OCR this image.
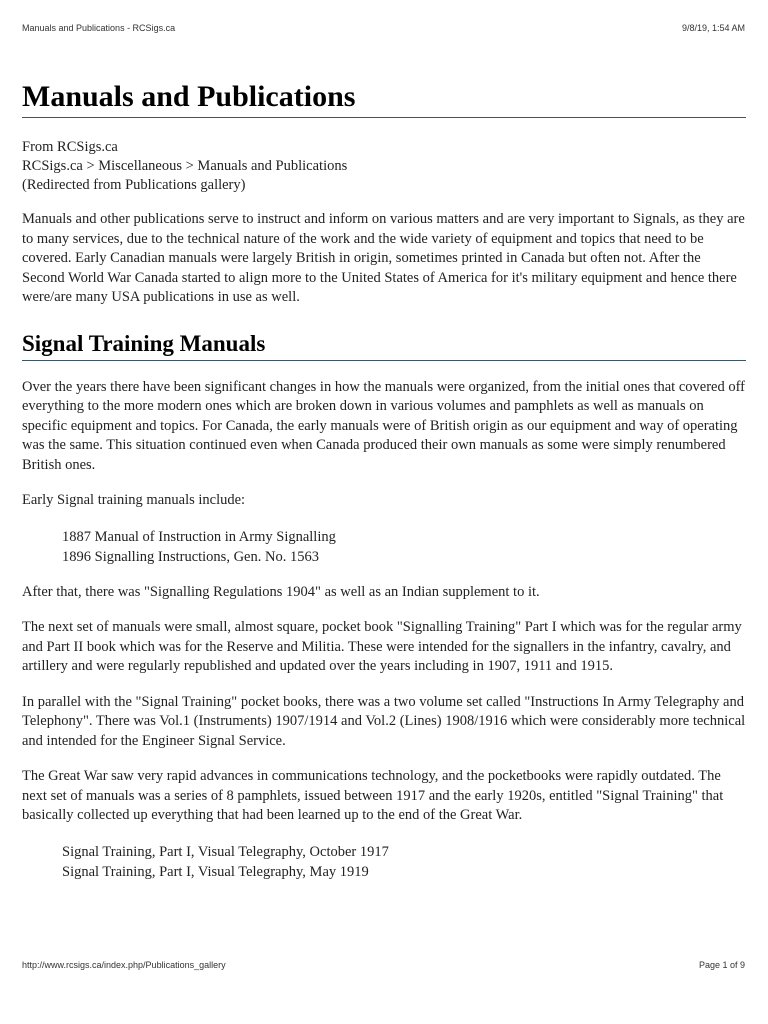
Manuals and Publications - RCSigs.ca	9/8/19, 1:54 AM
Manuals and Publications
From RCSigs.ca
RCSigs.ca > Miscellaneous > Manuals and Publications
(Redirected from Publications gallery)

Manuals and other publications serve to instruct and inform on various matters and are very important to Signals, as they are to many services, due to the technical nature of the work and the wide variety of equipment and topics that need to be covered. Early Canadian manuals were largely British in origin, sometimes printed in Canada but often not. After the Second World War Canada started to align more to the United States of America for it's military equipment and hence there were/are many USA publications in use as well.

Signal Training Manuals

Over the years there have been significant changes in how the manuals were organized, from the initial ones that covered off everything to the more modern ones which are broken down in various volumes and pamphlets as well as manuals on specific equipment and topics. For Canada, the early manuals were of British origin as our equipment and way of operating was the same. This situation continued even when Canada produced their own manuals as some were simply renumbered British ones.

Early Signal training manuals include:

1887 Manual of Instruction in Army Signalling
1896 Signalling Instructions, Gen. No. 1563

After that, there was "Signalling Regulations 1904" as well as an Indian supplement to it.

The next set of manuals were small, almost square, pocket book "Signalling Training" Part I which was for the regular army and Part II book which was for the Reserve and Militia. These were intended for the signallers in the infantry, cavalry, and artillery and were regularly republished and updated over the years including in 1907, 1911 and 1915.

In parallel with the "Signal Training" pocket books, there was a two volume set called "Instructions In Army Telegraphy and Telephony". There was Vol.1 (Instruments) 1907/1914 and Vol.2 (Lines) 1908/1916 which were considerably more technical and intended for the Engineer Signal Service.

The Great War saw very rapid advances in communications technology, and the pocketbooks were rapidly outdated. The next set of manuals was a series of 8 pamphlets, issued between 1917 and the early 1920s, entitled "Signal Training" that basically collected up everything that had been learned up to the end of the Great War.

Signal Training, Part I, Visual Telegraphy, October 1917
Signal Training, Part I, Visual Telegraphy, May 1919
http://www.rcsigs.ca/index.php/Publications_gallery	Page 1 of 9
